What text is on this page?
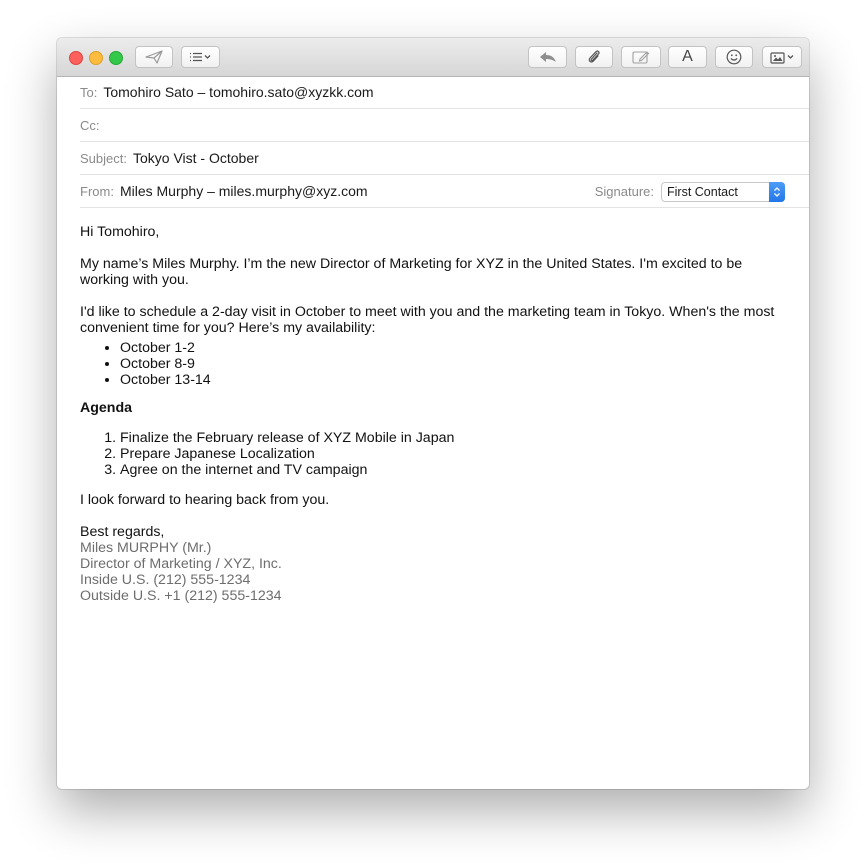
A
To: Tomohiro Sato – tomohiro.sato@xyzkk.com
Cc:
Subject: Tokyo Vist - October
From: Miles Murphy – miles.murphy@xyz.com	Signature:	First Contact

Hi Tomohiro,

My name’s Miles Murphy. I’m the new Director of Marketing for XYZ in the United States. I'm excited to be working with you.

I'd like to schedule a 2-day visit in October to meet with you and the marketing team in Tokyo. When's the most convenient time for you? Here’s my availability:

• October 1-2
• October 8-9
• October 13-14

Agenda

1. Finalize the February release of XYZ Mobile in Japan
2. Prepare Japanese Localization
3. Agree on the internet and TV campaign

I look forward to hearing back from you.

Best regards,

Miles MURPHY (Mr.)

Director of Marketing / XYZ, Inc.

Inside U.S. (212) 555-1234

Outside U.S. +1 (212) 555-1234
